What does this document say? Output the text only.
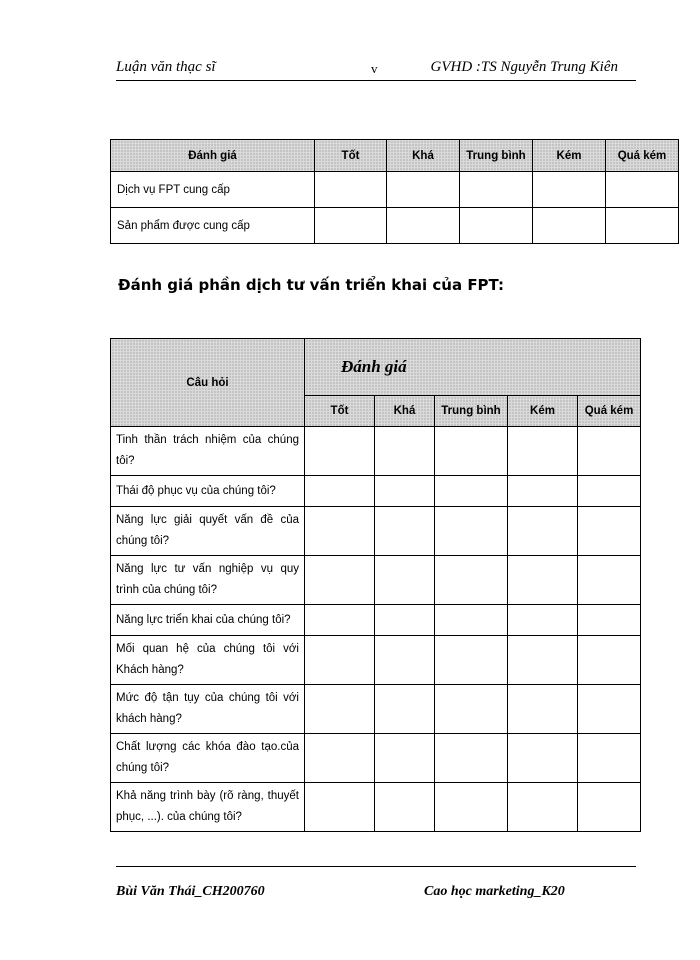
Luận văn thạc sĩ	v	GVHD :TS Nguyễn Trung Kiên
Đánh giá	Tốt	Khá	Trung bình	Kém	Quá kém
Dịch vụ FPT cung cấp					
Sản phẩm được cung cấp					
Đánh giá phần dịch tư vấn triển khai của FPT:
Câu hỏi	Đánh giá				
	Tốt	Khá	Trung bình	Kém	Quá kém
Tinh thần trách nhiệm của chúng tôi?					
Thái độ phục vụ của chúng tôi?					
Năng lực giải quyết vấn đề của chúng tôi?					
Năng lực tư vấn nghiệp vụ quy trình của chúng tôi?					
Năng lực triển khai của chúng tôi?					
Mối quan hệ của chúng tôi với Khách hàng?					
Mức độ tận tụy của chúng tôi với khách hàng?					
Chất lượng các khóa đào tạo.của chúng tôi?					
Khả năng trình bày (rõ ràng, thuyết phục, ...). của chúng tôi?					
Bùi Văn Thái_CH200760	Cao học marketing_K20
